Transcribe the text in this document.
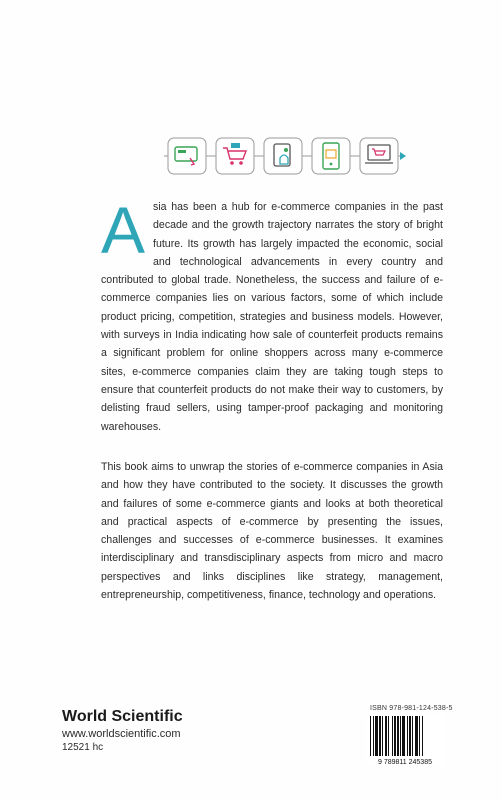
Asia has been a hub for e-commerce companies in the past decade and the growth trajectory narrates the story of bright future. Its growth has largely impacted the economic, social and technological advancements in every country and contributed to global trade. Nonetheless, the success and failure of e-commerce companies lies on various factors, some of which include product pricing, competition, strategies and business models. However, with surveys in India indicating how sale of counterfeit products remains a significant problem for online shoppers across many e-commerce sites, e-commerce companies claim they are taking tough steps to ensure that counterfeit products do not make their way to customers, by delisting fraud sellers, using tamper-proof packaging and monitoring warehouses.
This book aims to unwrap the stories of e-commerce companies in Asia and how they have contributed to the society. It discusses the growth and failures of some e-commerce giants and looks at both theoretical and practical aspects of e-commerce by presenting the issues, challenges and successes of e-commerce businesses. It examines interdisciplinary and transdisciplinary aspects from micro and macro perspectives and links disciplines like strategy, management, entrepreneurship, competitiveness, finance, technology and operations.
World Scientific
www.worldscientific.com
12521 hc
ISBN 978-981-124-538-5
9 789811 245385
